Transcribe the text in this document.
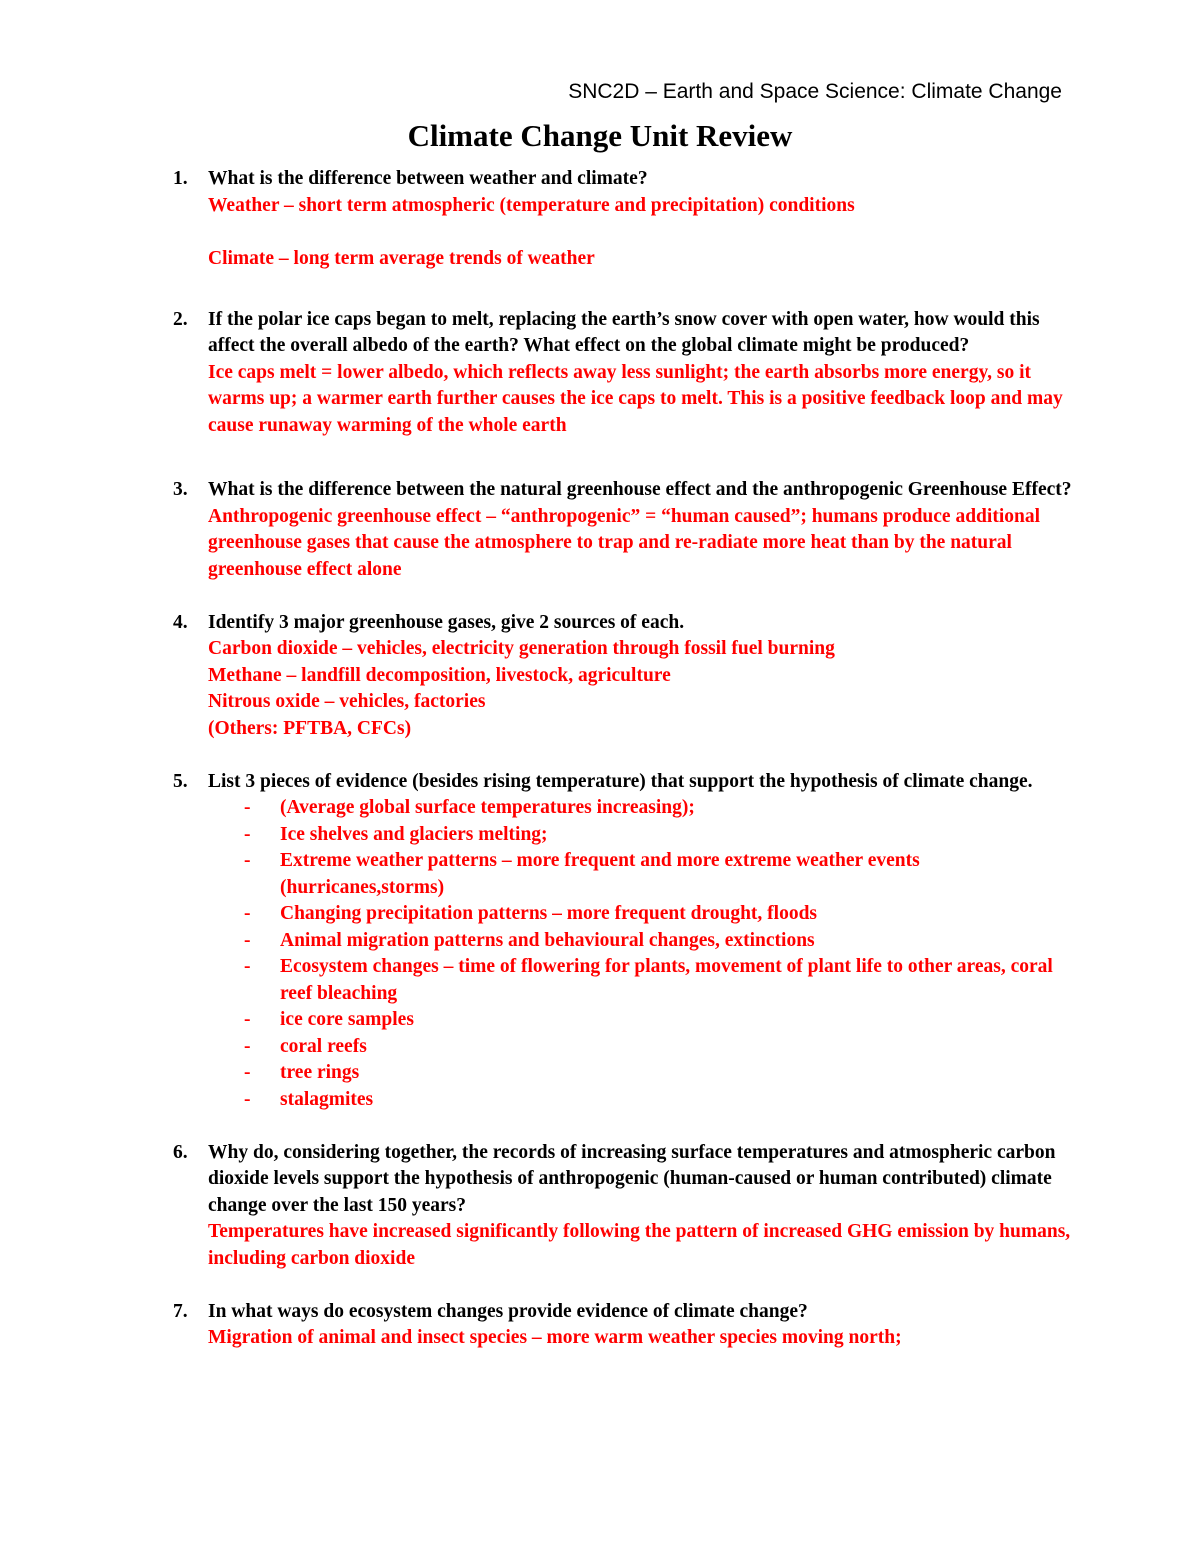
SNC2D – Earth and Space Science: Climate Change
Climate Change Unit Review
1. What is the difference between weather and climate?
Weather – short term atmospheric (temperature and precipitation) conditions
Climate – long term average trends of weather
2. If the polar ice caps began to melt, replacing the earth’s snow cover with open water, how would this affect the overall albedo of the earth? What effect on the global climate might be produced?
Ice caps melt = lower albedo, which reflects away less sunlight; the earth absorbs more energy, so it warms up; a warmer earth further causes the ice caps to melt. This is a positive feedback loop and may cause runaway warming of the whole earth
3. What is the difference between the natural greenhouse effect and the anthropogenic Greenhouse Effect?
Anthropogenic greenhouse effect – “anthropogenic” = “human caused”; humans produce additional greenhouse gases that cause the atmosphere to trap and re-radiate more heat than by the natural greenhouse effect alone
4. Identify 3 major greenhouse gases, give 2 sources of each.
Carbon dioxide – vehicles, electricity generation through fossil fuel burning
Methane – landfill decomposition, livestock, agriculture
Nitrous oxide – vehicles, factories
(Others: PFTBA, CFCs)
5. List 3 pieces of evidence (besides rising temperature) that support the hypothesis of climate change.
- (Average global surface temperatures increasing);
- Ice shelves and glaciers melting;
- Extreme weather patterns – more frequent and more extreme weather events (hurricanes,storms)
- Changing precipitation patterns – more frequent drought, floods
- Animal migration patterns and behavioural changes, extinctions
- Ecosystem changes – time of flowering for plants, movement of plant life to other areas, coral reef bleaching
- ice core samples
- coral reefs
- tree rings
- stalagmites
6. Why do, considering together, the records of increasing surface temperatures and atmospheric carbon dioxide levels support the hypothesis of anthropogenic (human-caused or human contributed) climate change over the last 150 years?
Temperatures have increased significantly following the pattern of increased GHG emission by humans, including carbon dioxide
7. In what ways do ecosystem changes provide evidence of climate change?
Migration of animal and insect species – more warm weather species moving north;
